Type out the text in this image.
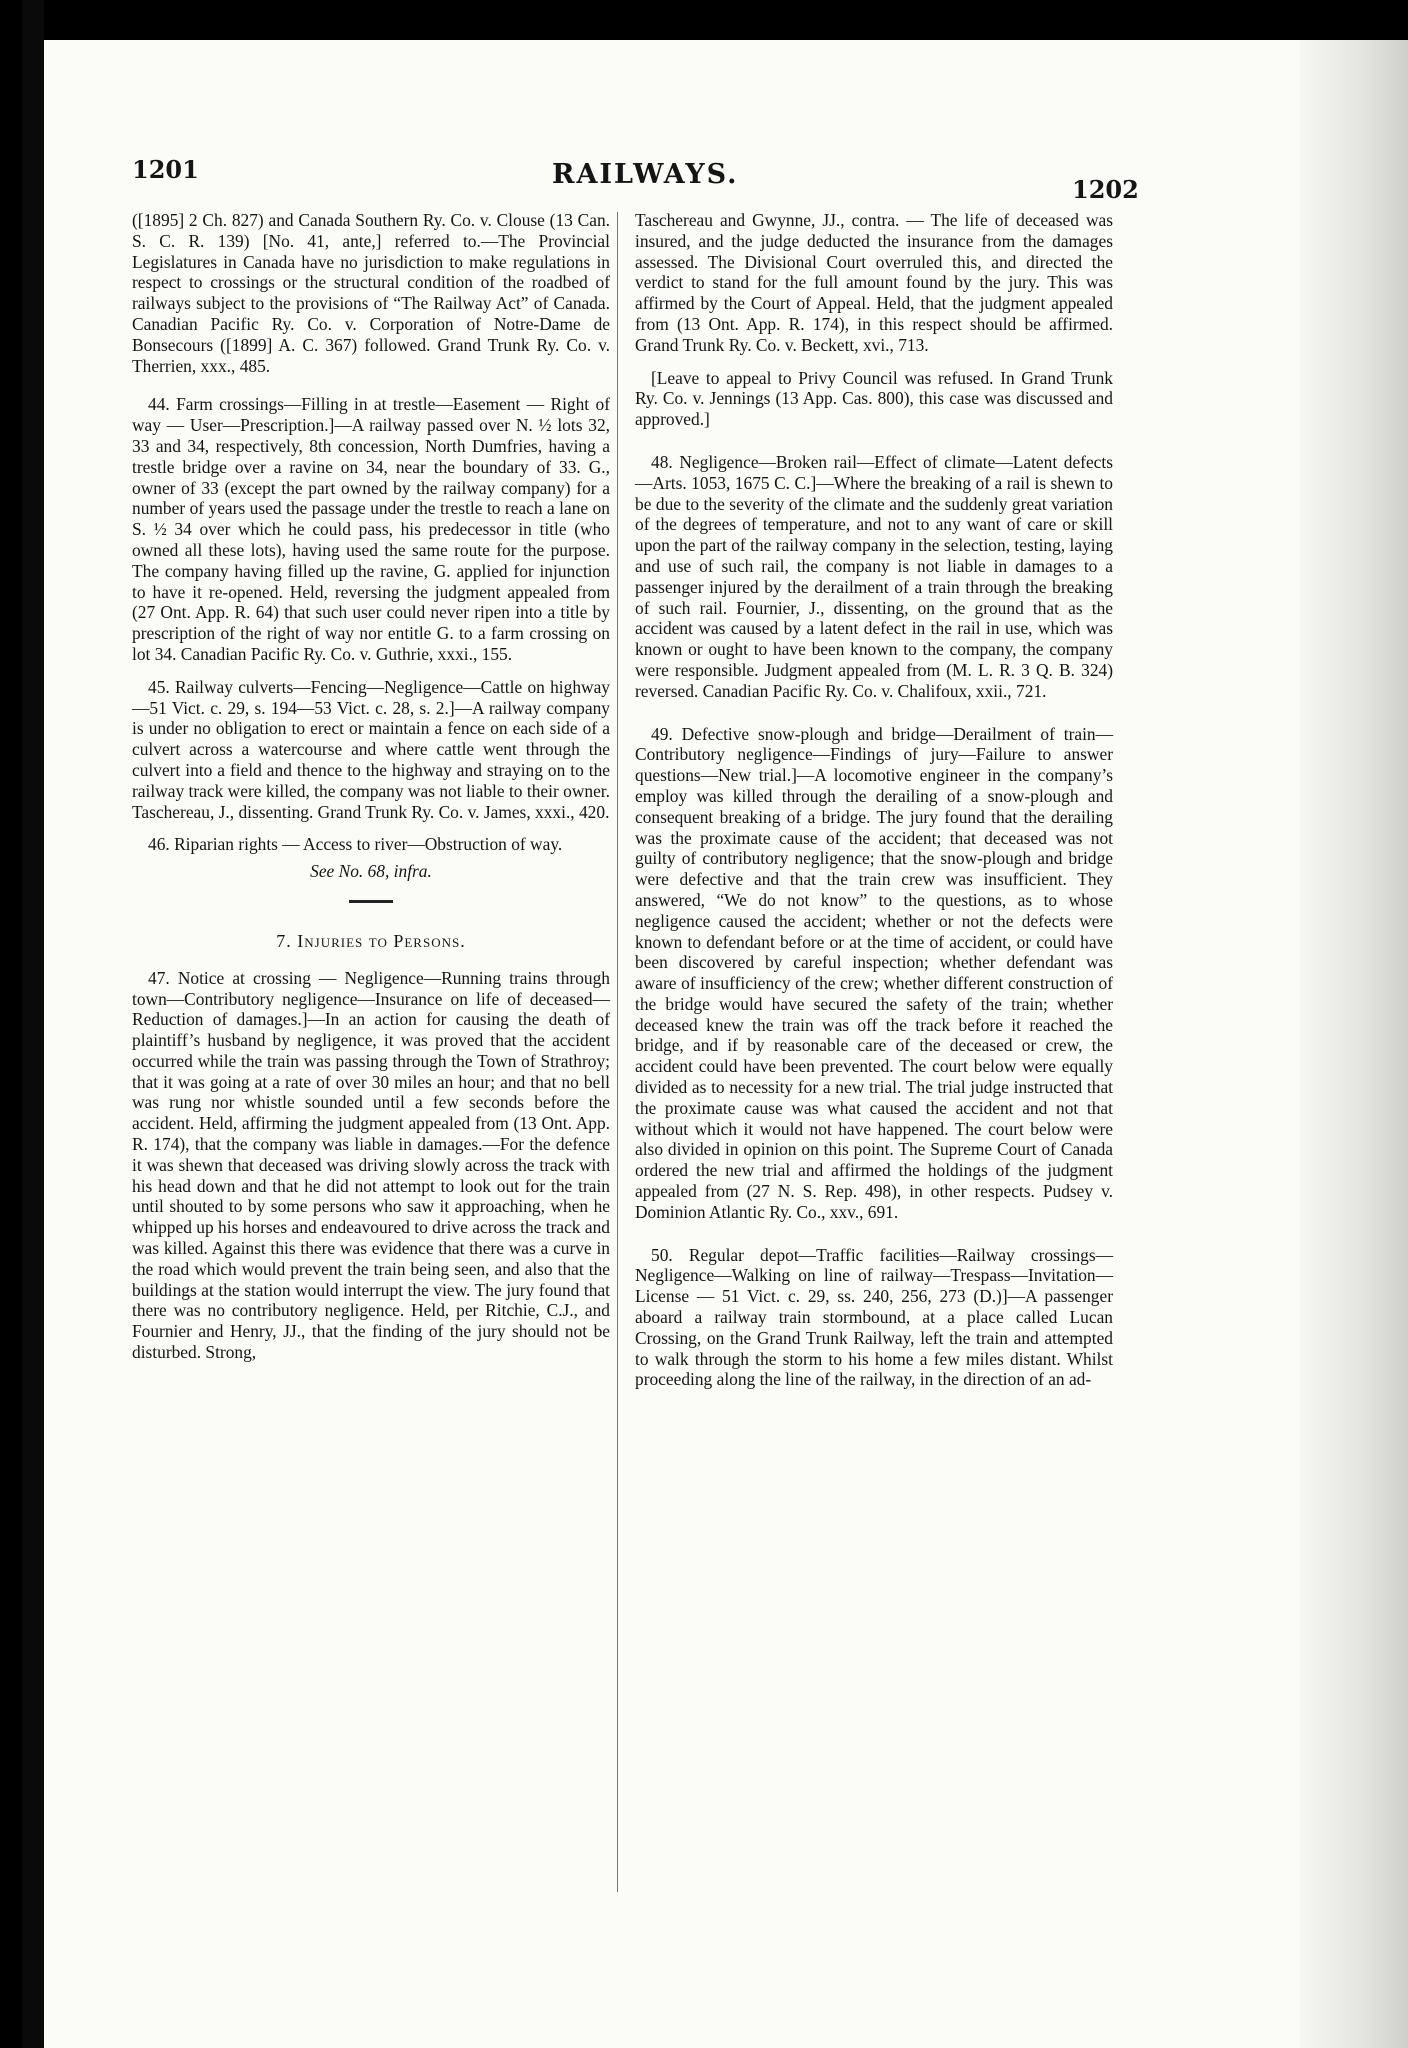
1201	RAILWAYS.	1202

([1895] 2 Ch. 827) and Canada Southern Ry. Co. v. Clouse (13 Can. S. C. R. 139) [No. 41, ante,] referred to.—The Provincial Legislatures in Canada have no jurisdiction to make regulations in respect to crossings or the structural condition of the roadbed of railways subject to the provisions of “The Railway Act” of Canada. Canadian Pacific Ry. Co. v. Corporation of Notre-Dame de Bonsecours ([1899] A. C. 367) followed. Grand Trunk Ry. Co. v. Therrien, xxx., 485.

44. Farm crossings—Filling in at trestle—Easement — Right of way — User—Prescription.]—A railway passed over N. ½ lots 32, 33 and 34, respectively, 8th concession, North Dumfries, having a trestle bridge over a ravine on 34, near the boundary of 33. G., owner of 33 (except the part owned by the railway company) for a number of years used the passage under the trestle to reach a lane on S. ½ 34 over which he could pass, his predecessor in title (who owned all these lots), having used the same route for the purpose. The company having filled up the ravine, G. applied for injunction to have it re-opened. Held, reversing the judgment appealed from (27 Ont. App. R. 64) that such user could never ripen into a title by prescription of the right of way nor entitle G. to a farm crossing on lot 34. Canadian Pacific Ry. Co. v. Guthrie, xxxi., 155.

45. Railway culverts—Fencing—Negligence—Cattle on highway—51 Vict. c. 29, s. 194—53 Vict. c. 28, s. 2.]—A railway company is under no obligation to erect or maintain a fence on each side of a culvert across a watercourse and where cattle went through the culvert into a field and thence to the highway and straying on to the railway track were killed, the company was not liable to their owner. Taschereau, J., dissenting. Grand Trunk Ry. Co. v. James, xxxi., 420.

46. Riparian rights — Access to river—Obstruction of way.

See No. 68, infra.
7. Injuries to Persons.

47. Notice at crossing — Negligence—Running trains through town—Contributory negligence—Insurance on life of deceased—Reduction of damages.]—In an action for causing the death of plaintiff’s husband by negligence, it was proved that the accident occurred while the train was passing through the Town of Strathroy; that it was going at a rate of over 30 miles an hour; and that no bell was rung nor whistle sounded until a few seconds before the accident. Held, affirming the judgment appealed from (13 Ont. App. R. 174), that the company was liable in damages.—For the defence it was shewn that deceased was driving slowly across the track with his head down and that he did not attempt to look out for the train until shouted to by some persons who saw it approaching, when he whipped up his horses and endeavoured to drive across the track and was killed. Against this there was evidence that there was a curve in the road which would prevent the train being seen, and also that the buildings at the station would interrupt the view. The jury found that there was no contributory negligence. Held, per Ritchie, C.J., and Fournier and Henry, JJ., that the finding of the jury should not be disturbed. Strong,

Taschereau and Gwynne, JJ., contra. — The life of deceased was insured, and the judge deducted the insurance from the damages assessed. The Divisional Court overruled this, and directed the verdict to stand for the full amount found by the jury. This was affirmed by the Court of Appeal. Held, that the judgment appealed from (13 Ont. App. R. 174), in this respect should be affirmed. Grand Trunk Ry. Co. v. Beckett, xvi., 713.

[Leave to appeal to Privy Council was refused. In Grand Trunk Ry. Co. v. Jennings (13 App. Cas. 800), this case was discussed and approved.]

48. Negligence—Broken rail—Effect of climate—Latent defects—Arts. 1053, 1675 C. C.]—Where the breaking of a rail is shewn to be due to the severity of the climate and the suddenly great variation of the degrees of temperature, and not to any want of care or skill upon the part of the railway company in the selection, testing, laying and use of such rail, the company is not liable in damages to a passenger injured by the derailment of a train through the breaking of such rail. Fournier, J., dissenting, on the ground that as the accident was caused by a latent defect in the rail in use, which was known or ought to have been known to the company, the company were responsible. Judgment appealed from (M. L. R. 3 Q. B. 324) reversed. Canadian Pacific Ry. Co. v. Chalifoux, xxii., 721.

49. Defective snow-plough and bridge—Derailment of train—Contributory negligence—Findings of jury—Failure to answer questions—New trial.]—A locomotive engineer in the company’s employ was killed through the derailing of a snow-plough and consequent breaking of a bridge. The jury found that the derailing was the proximate cause of the accident; that deceased was not guilty of contributory negligence; that the snow-plough and bridge were defective and that the train crew was insufficient. They answered, “We do not know” to the questions, as to whose negligence caused the accident; whether or not the defects were known to defendant before or at the time of accident, or could have been discovered by careful inspection; whether defendant was aware of insufficiency of the crew; whether different construction of the bridge would have secured the safety of the train; whether deceased knew the train was off the track before it reached the bridge, and if by reasonable care of the deceased or crew, the accident could have been prevented. The court below were equally divided as to necessity for a new trial. The trial judge instructed that the proximate cause was what caused the accident and not that without which it would not have happened. The court below were also divided in opinion on this point. The Supreme Court of Canada ordered the new trial and affirmed the holdings of the judgment appealed from (27 N. S. Rep. 498), in other respects. Pudsey v. Dominion Atlantic Ry. Co., xxv., 691.

50. Regular depot—Traffic facilities—Railway crossings—Negligence—Walking on line of railway—Trespass—Invitation—License — 51 Vict. c. 29, ss. 240, 256, 273 (D.)]—A passenger aboard a railway train stormbound, at a place called Lucan Crossing, on the Grand Trunk Railway, left the train and attempted to walk through the storm to his home a few miles distant. Whilst proceeding along the line of the railway, in the direction of an ad-
